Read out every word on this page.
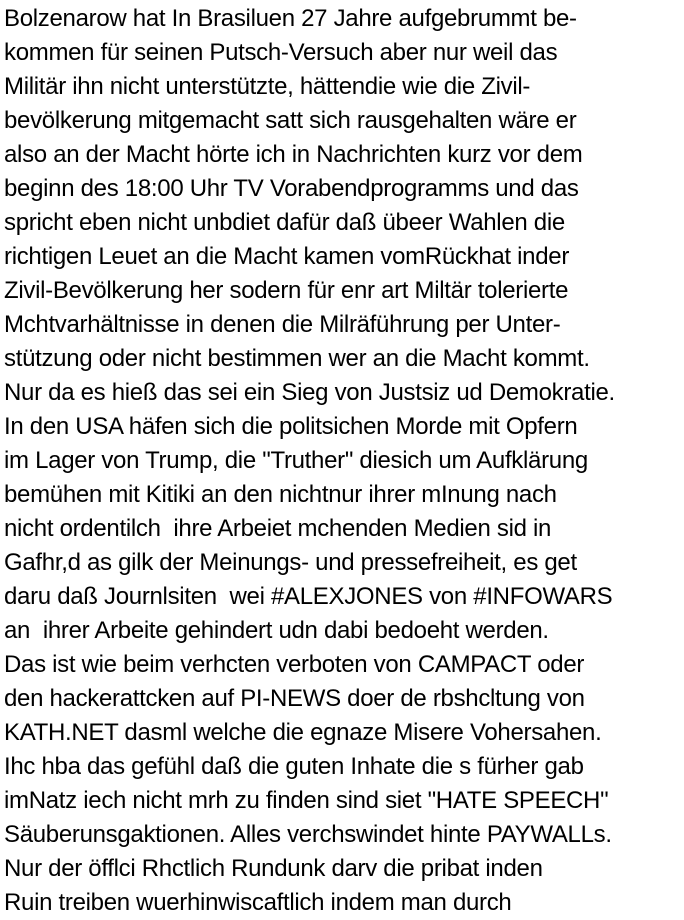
Bolzenarow hat In Brasiluen 27 Jahre aufgebrummt be-
kommen für seinen Putsch-Versuch aber nur weil das
Militär ihn nicht unterstützte, hättendie wie die Zivil-
bevölkerung mitgemacht satt sich rausgehalten wäre er
also an der Macht hörte ich in Nachrichten kurz vor dem
beginn des 18:00 Uhr TV Vorabendprogramms und das
spricht eben nicht unbdiet dafür daß übeer Wahlen die
richtigen Leuet an die Macht kamen vomRückhat inder
Zivil-Bevölkerung her sodern für enr art Miltär tolerierte
Mchtvarhältnisse in denen die Milräführung per Unter-
stützung oder nicht bestimmen wer an die Macht kommt.
Nur da es hieß das sei ein Sieg von Justsiz ud Demokratie.
In den USA häfen sich die politsichen Morde mit Opfern
im Lager von Trump, die "Truther" diesich um Aufklärung
bemühen mit Kitiki an den nichtnur ihrer mInung nach
nicht ordentilch  ihre Arbeiet mchenden Medien sid in
Gafhr,d as gilk der Meinungs- und pressefreiheit, es get
daru daß Journlsiten  wei #ALEXJONES von #INFOWARS
an  ihrer Arbeite gehindert udn dabi bedoeht werden.
Das ist wie beim verhcten verboten von CAMPACT oder
den hackerattcken auf PI-NEWS doer de rbshcltung von
KATH.NET dasml welche die egnaze Misere Vohersahen.
Ihc hba das gefühl daß die guten Inhate die s fürher gab
imNatz iech nicht mrh zu finden sind siet "HATE SPEECH"
Säuberunsgaktionen. Alles verchswindet hinte PAYWALLs.
Nur der öfflci Rhctlich Rundunk darv die pribat inden
Ruin treiben wuerhinwiscaftlich indem man durch
